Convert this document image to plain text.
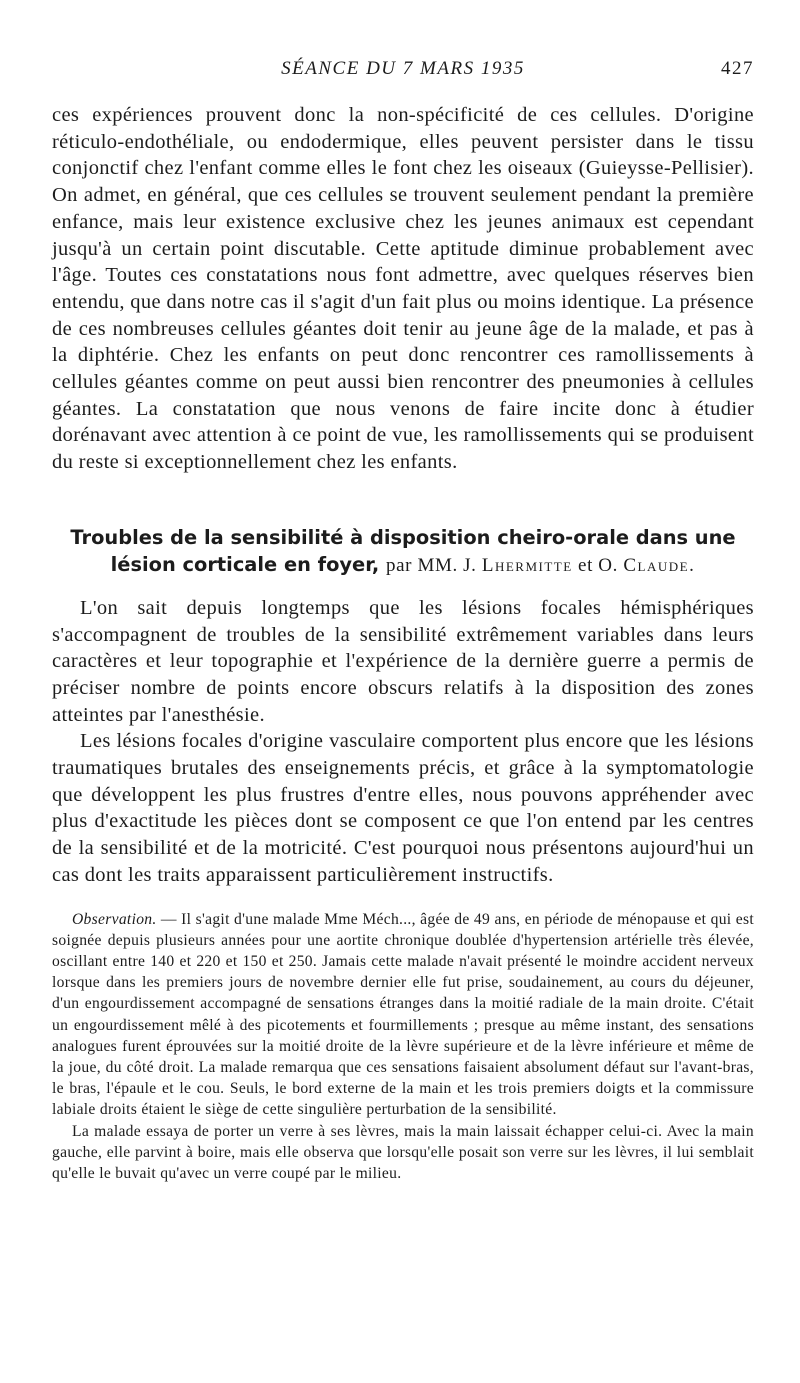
SÉANCE DU 7 MARS 1935	427

ces expériences prouvent donc la non-spécificité de ces cellules. D'origine réticulo-endothéliale, ou endodermique, elles peuvent persister dans le tissu conjonctif chez l'enfant comme elles le font chez les oiseaux (Guieysse-Pellisier). On admet, en général, que ces cellules se trouvent seulement pendant la première enfance, mais leur existence exclusive chez les jeunes animaux est cependant jusqu'à un certain point discutable. Cette aptitude diminue probablement avec l'âge. Toutes ces constatations nous font admettre, avec quelques réserves bien entendu, que dans notre cas il s'agit d'un fait plus ou moins identique. La présence de ces nombreuses cellules géantes doit tenir au jeune âge de la malade, et pas à la diphtérie. Chez les enfants on peut donc rencontrer ces ramollissements à cellules géantes comme on peut aussi bien rencontrer des pneumonies à cellules géantes. La constatation que nous venons de faire incite donc à étudier dorénavant avec attention à ce point de vue, les ramollissements qui se produisent du reste si exceptionnellement chez les enfants.

Troubles de la sensibilité à disposition cheiro-orale dans une lésion corticale en foyer, par MM. J. Lhermitte et O. Claude.

L'on sait depuis longtemps que les lésions focales hémisphériques s'accompagnent de troubles de la sensibilité extrêmement variables dans leurs caractères et leur topographie et l'expérience de la dernière guerre a permis de préciser nombre de points encore obscurs relatifs à la disposition des zones atteintes par l'anesthésie.

Les lésions focales d'origine vasculaire comportent plus encore que les lésions traumatiques brutales des enseignements précis, et grâce à la symptomatologie que développent les plus frustres d'entre elles, nous pouvons appréhender avec plus d'exactitude les pièces dont se composent ce que l'on entend par les centres de la sensibilité et de la motricité. C'est pourquoi nous présentons aujourd'hui un cas dont les traits apparaissent particulièrement instructifs.

Observation. — Il s'agit d'une malade Mme Méch..., âgée de 49 ans, en période de ménopause et qui est soignée depuis plusieurs années pour une aortite chronique doublée d'hypertension artérielle très élevée, oscillant entre 140 et 220 et 150 et 250. Jamais cette malade n'avait présenté le moindre accident nerveux lorsque dans les premiers jours de novembre dernier elle fut prise, soudainement, au cours du déjeuner, d'un engourdissement accompagné de sensations étranges dans la moitié radiale de la main droite. C'était un engourdissement mêlé à des picotements et fourmillements ; presque au même instant, des sensations analogues furent éprouvées sur la moitié droite de la lèvre supérieure et de la lèvre inférieure et même de la joue, du côté droit. La malade remarqua que ces sensations faisaient absolument défaut sur l'avant-bras, le bras, l'épaule et le cou. Seuls, le bord externe de la main et les trois premiers doigts et la commissure labiale droits étaient le siège de cette singulière perturbation de la sensibilité.

La malade essaya de porter un verre à ses lèvres, mais la main laissait échapper celui-ci. Avec la main gauche, elle parvint à boire, mais elle observa que lorsqu'elle posait son verre sur les lèvres, il lui semblait qu'elle le buvait qu'avec un verre coupé par le milieu.
